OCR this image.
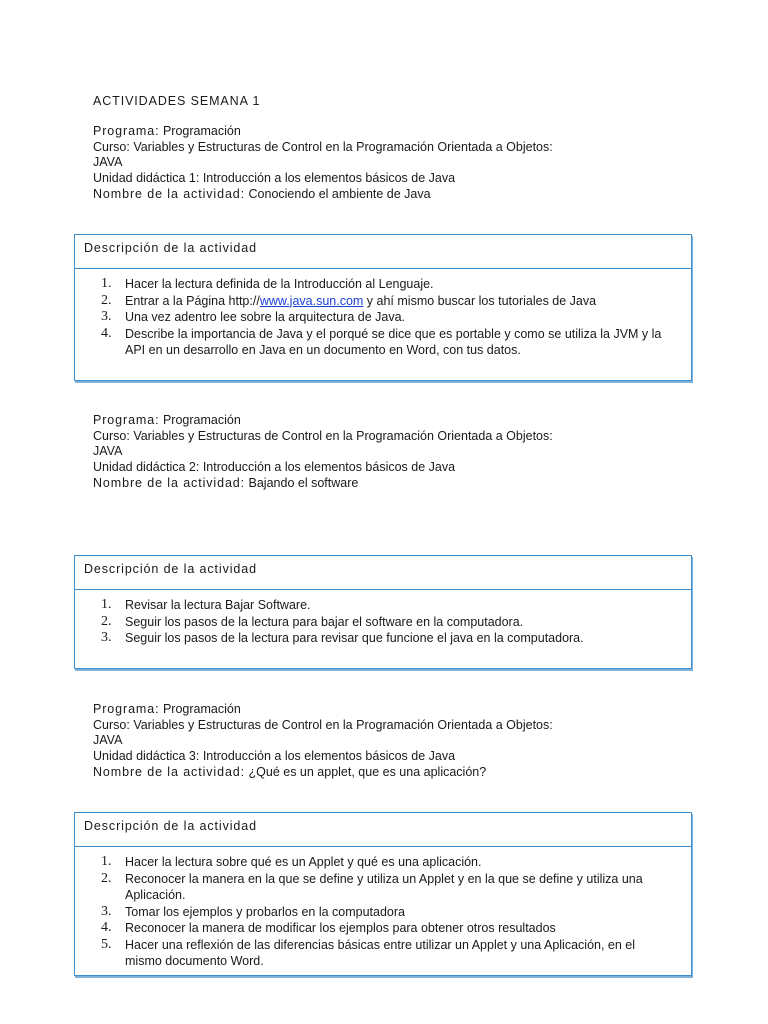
ACTIVIDADES SEMANA 1
Programa: Programación
Curso: Variables y Estructuras de Control en la Programación Orientada a Objetos:
JAVA
Unidad didáctica 1: Introducción a los elementos básicos de Java
Nombre de la actividad: Conociendo el ambiente de Java
Descripción de la actividad
1. Hacer la lectura definida de la Introducción al Lenguaje.
2. Entrar a la Página http://www.java.sun.com y ahí mismo buscar los tutoriales de Java
3. Una vez adentro lee sobre la arquitectura de Java.
4. Describe la importancia de Java y el porqué se dice que es portable y como se utiliza la JVM y la API en un desarrollo en Java en un documento en Word, con tus datos.
Programa: Programación
Curso: Variables y Estructuras de Control en la Programación Orientada a Objetos:
JAVA
Unidad didáctica 2: Introducción a los elementos básicos de Java
Nombre de la actividad: Bajando el software
Descripción de la actividad
1. Revisar la lectura Bajar Software.
2. Seguir los pasos de la lectura para bajar el software en la computadora.
3. Seguir los pasos de la lectura para revisar que funcione el java en la computadora.
Programa: Programación
Curso: Variables y Estructuras de Control en la Programación Orientada a Objetos:
JAVA
Unidad didáctica 3: Introducción a los elementos básicos de Java
Nombre de la actividad: ¿Qué es un applet, que es una aplicación?
Descripción de la actividad
1. Hacer la lectura sobre qué es un Applet y qué es una aplicación.
2. Reconocer la manera en la que se define y utiliza un Applet y en la que se define y utiliza una Aplicación.
3. Tomar los ejemplos y probarlos en la computadora
4. Reconocer la manera de modificar los ejemplos para obtener otros resultados
5. Hacer una reflexión de las diferencias básicas entre utilizar un Applet y una Aplicación, en el mismo documento Word.
